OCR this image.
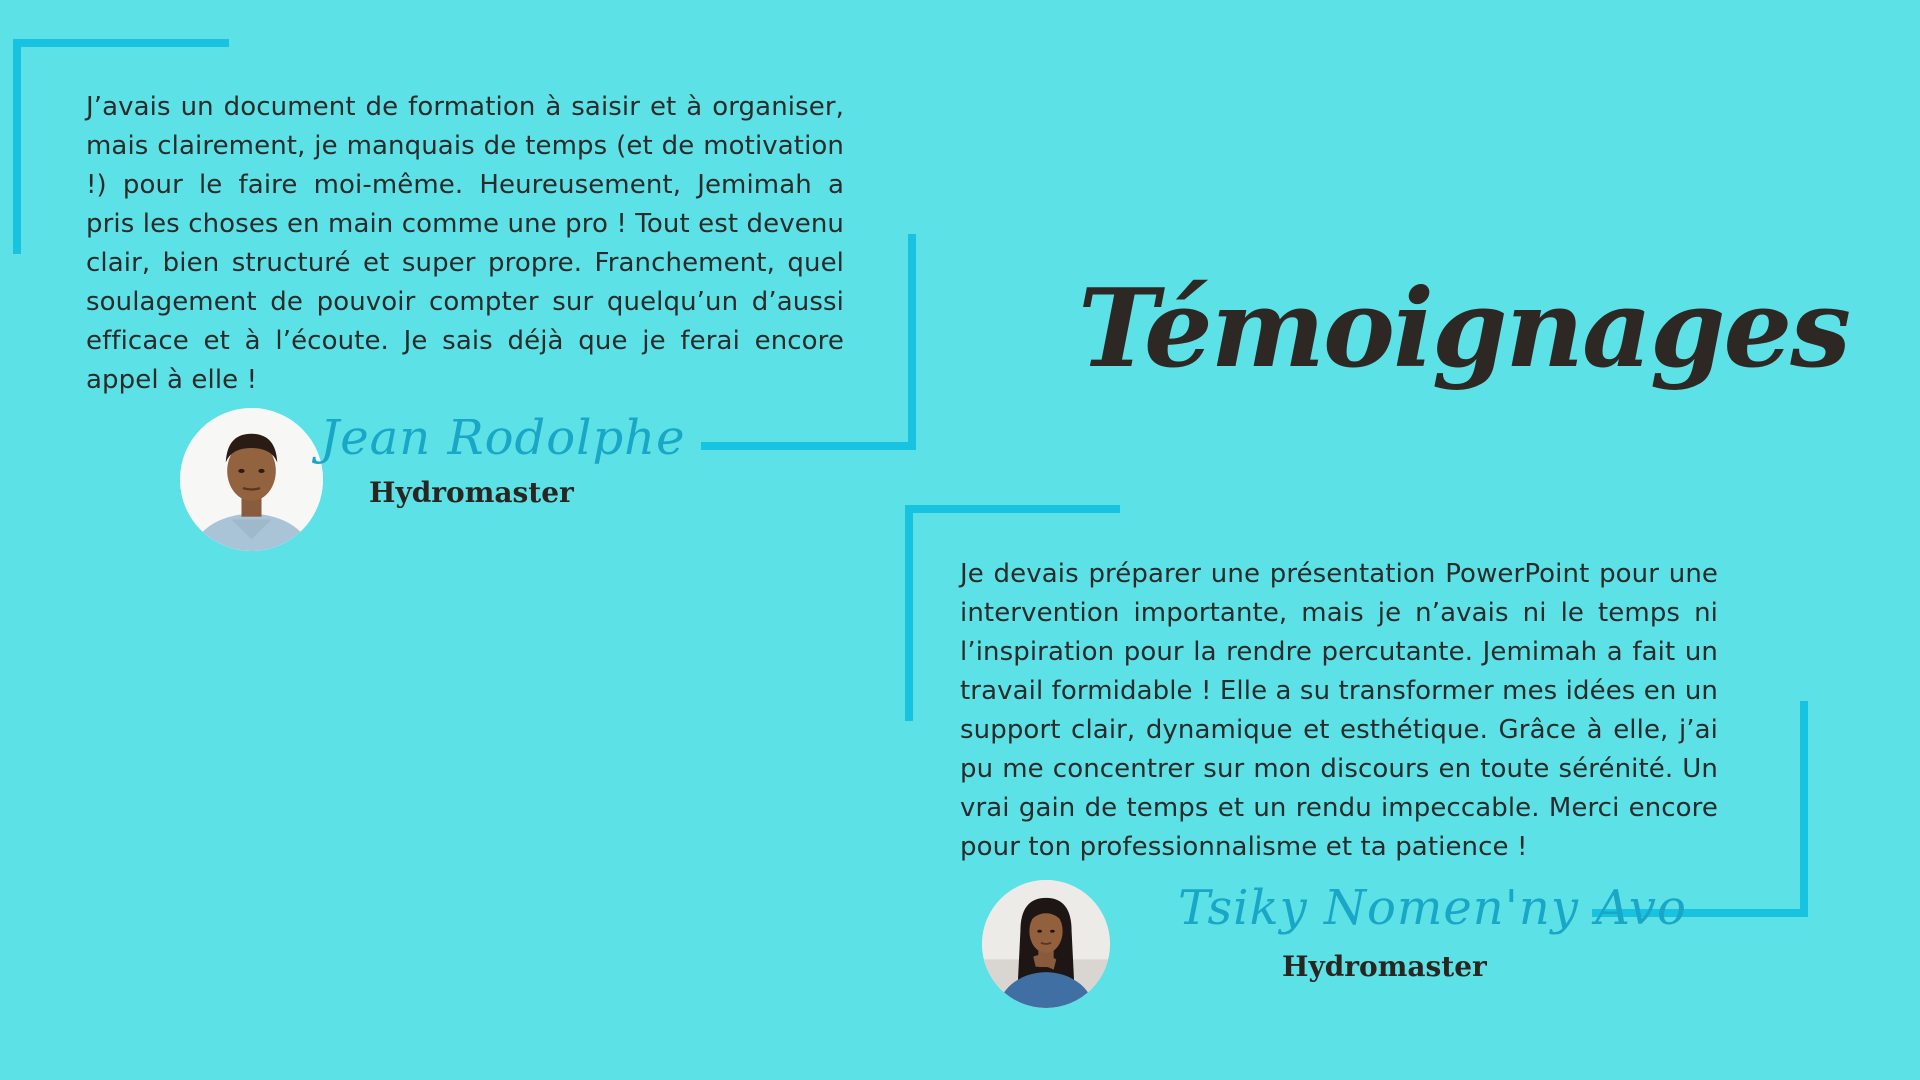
J’avais un document de formation à saisir et à organiser, mais clairement, je manquais de temps (et de motivation !) pour le faire moi-même. Heureusement, Jemimah a pris les choses en main comme une pro ! Tout est devenu clair, bien structuré et super propre. Franchement, quel soulagement de pouvoir compter sur quelqu’un d’aussi efficace et à l’écoute. Je sais déjà que je ferai encore appel à elle !

Jean Rodolphe
Hydromaster
Témoignages

Je devais préparer une présentation PowerPoint pour une intervention importante, mais je n’avais ni le temps ni l’inspiration pour la rendre percutante. Jemimah a fait un travail formidable ! Elle a su transformer mes idées en un support clair, dynamique et esthétique. Grâce à elle, j’ai pu me concentrer sur mon discours en toute sérénité. Un vrai gain de temps et un rendu impeccable. Merci encore pour ton professionnalisme et ta patience !

Tsiky Nomen'ny Avo
Hydromaster
